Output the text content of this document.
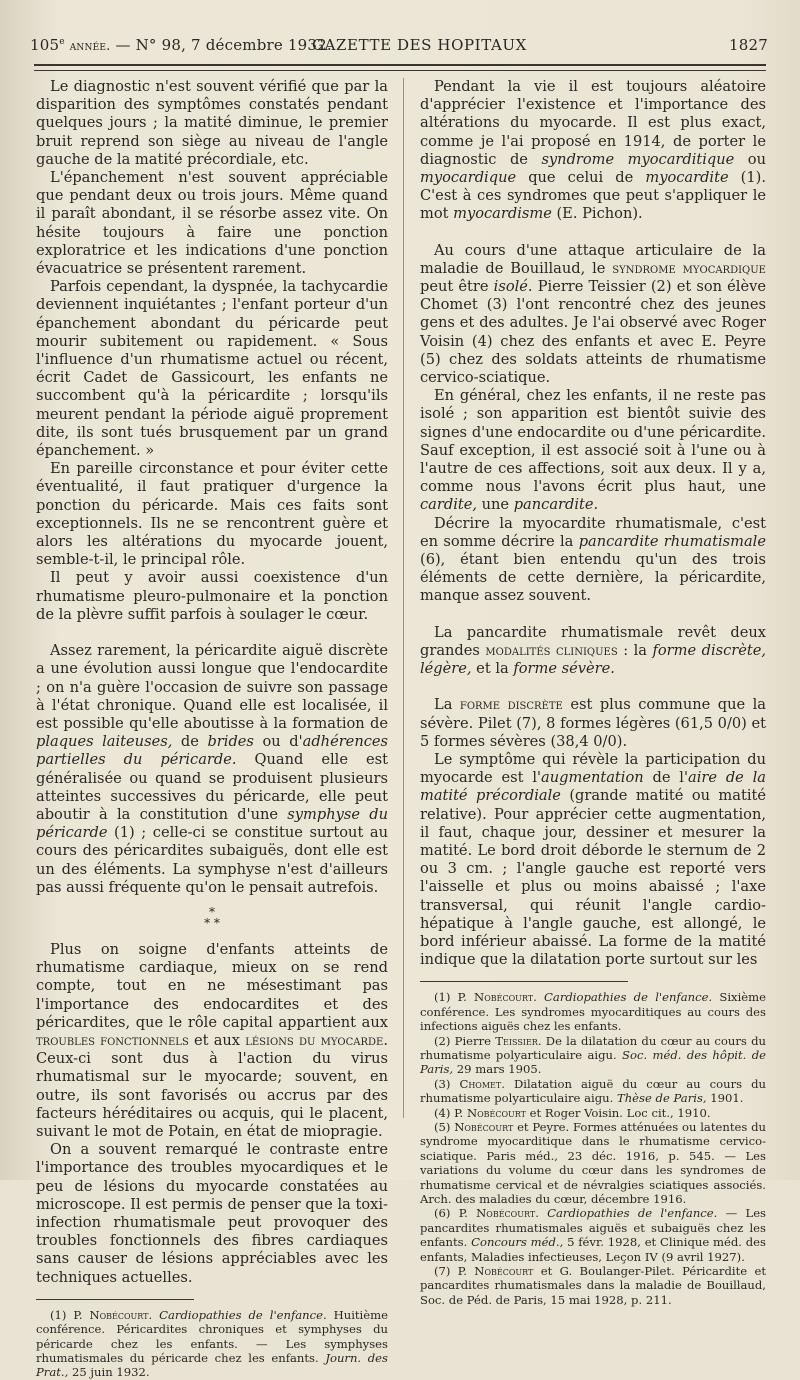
105e année. — N° 98, 7 décembre 1932.
GAZETTE DES HOPITAUX	1827

Le diagnostic n'est souvent vérifié que par la disparition des symptômes constatés pendant quelques jours ; la matité diminue, le premier bruit reprend son siège au niveau de l'angle gauche de la matité précordiale, etc.

L'épanchement n'est souvent appréciable que pendant deux ou trois jours. Même quand il paraît abondant, il se résorbe assez vite. On hésite toujours à faire une ponction exploratrice et les indications d'une ponction évacuatrice se présentent rarement.

Parfois cependant, la dyspnée, la tachycardie deviennent inquiétantes ; l'enfant porteur d'un épanchement abondant du péricarde peut mourir subitement ou rapidement. « Sous l'influence d'un rhumatisme actuel ou récent, écrit Cadet de Gassicourt, les enfants ne succombent qu'à la péricardite ; lorsqu'ils meurent pendant la période aiguë proprement dite, ils sont tués brusquement par un grand épanchement. »

En pareille circonstance et pour éviter cette éventualité, il faut pratiquer d'urgence la ponction du péricarde. Mais ces faits sont exceptionnels. Ils ne se rencontrent guère et alors les altérations du myocarde jouent, semble-t-il, le principal rôle.

Il peut y avoir aussi coexistence d'un rhumatisme pleuro-pulmonaire et la ponction de la plèvre suffit parfois à soulager le cœur.

Assez rarement, la péricardite aiguë discrète a une évolution aussi longue que l'endocardite ; on n'a guère l'occasion de suivre son passage à l'état chronique. Quand elle est localisée, il est possible qu'elle aboutisse à la formation de plaques laiteuses, de brides ou d'adhérences partielles du péricarde. Quand elle est généralisée ou quand se produisent plusieurs atteintes successives du péricarde, elle peut aboutir à la constitution d'une symphyse du péricarde (1) ; celle-ci se constitue surtout au cours des péricardites subaiguës, dont elle est un des éléments. La symphyse n'est d'ailleurs pas aussi fréquente qu'on le pensait autrefois.

*
* *

Plus on soigne d'enfants atteints de rhumatisme cardiaque, mieux on se rend compte, tout en ne mésestimant pas l'importance des endocardites et des péricardites, que le rôle capital appartient aux troubles fonctionnels et aux lésions du myocarde. Ceux-ci sont dus à l'action du virus rhumatismal sur le myocarde; souvent, en outre, ils sont favorisés ou accrus par des facteurs héréditaires ou acquis, qui le placent, suivant le mot de Potain, en état de miopragie.

On a souvent remarqué le contraste entre l'importance des troubles myocardiques et le peu de lésions du myocarde constatées au microscope. Il est permis de penser que la toxi-infection rhumatismale peut provoquer des troubles fonctionnels des fibres cardiaques sans causer de lésions appréciables avec les techniques actuelles.

(1) P. Nobécourt. Cardiopathies de l'enfance. Huitième conférence. Péricardites chroniques et symphyses du péricarde chez les enfants. — Les symphyses rhumatismales du péricarde chez les enfants. Journ. des Prat., 25 juin 1932.

Pendant la vie il est toujours aléatoire d'apprécier l'existence et l'importance des altérations du myocarde. Il est plus exact, comme je l'ai proposé en 1914, de porter le diagnostic de syndrome myocarditique ou myocardique que celui de myocardite (1). C'est à ces syndromes que peut s'appliquer le mot myocardisme (E. Pichon).

Au cours d'une attaque articulaire de la maladie de Bouillaud, le syndrome myocardique peut être isolé. Pierre Teissier (2) et son élève Chomet (3) l'ont rencontré chez des jeunes gens et des adultes. Je l'ai observé avec Roger Voisin (4) chez des enfants et avec E. Peyre (5) chez des soldats atteints de rhumatisme cervico-sciatique.

En général, chez les enfants, il ne reste pas isolé ; son apparition est bientôt suivie des signes d'une endocardite ou d'une péricardite. Sauf exception, il est associé soit à l'une ou à l'autre de ces affections, soit aux deux. Il y a, comme nous l'avons écrit plus haut, une cardite, une pancardite.

Décrire la myocardite rhumatismale, c'est en somme décrire la pancardite rhumatismale (6), étant bien entendu qu'un des trois éléments de cette dernière, la péricardite, manque assez souvent.

La pancardite rhumatismale revêt deux grandes modalités cliniques : la forme discrète, légère, et la forme sévère.

La forme discrète est plus commune que la sévère. Pilet (7), 8 formes légères (61,5 0/0) et 5 formes sévères (38,4 0/0).

Le symptôme qui révèle la participation du myocarde est l'augmentation de l'aire de la matité précordiale (grande matité ou matité relative). Pour apprécier cette augmentation, il faut, chaque jour, dessiner et mesurer la matité. Le bord droit déborde le sternum de 2 ou 3 cm. ; l'angle gauche est reporté vers l'aisselle et plus ou moins abaissé ; l'axe transversal, qui réunit l'angle cardio-hépatique à l'angle gauche, est allongé, le bord inférieur abaissé. La forme de la matité indique que la dilatation porte surtout sur les

(1) P. Nobécourt. Cardiopathies de l'enfance. Sixième conférence. Les syndromes myocarditiques au cours des infections aiguës chez les enfants.

(2) Pierre Teissier. De la dilatation du cœur au cours du rhumatisme polyarticulaire aigu. Soc. méd. des hôpit. de Paris, 29 mars 1905.

(3) Chomet. Dilatation aiguë du cœur au cours du rhumatisme polyarticulaire aigu. Thèse de Paris, 1901.

(4) P. Nobécourt et Roger Voisin. Loc cit., 1910.

(5) Nobécourt et Peyre. Formes atténuées ou latentes du syndrome myocarditique dans le rhumatisme cervico-sciatique. Paris méd., 23 déc. 1916, p. 545. — Les variations du volume du cœur dans les syndromes de rhumatisme cervical et de névralgies sciatiques associés. Arch. des maladies du cœur, décembre 1916.

(6) P. Nobécourt. Cardiopathies de l'enfance. — Les pancardites rhumatismales aiguës et subaiguës chez les enfants. Concours méd., 5 févr. 1928, et Clinique méd. des enfants, Maladies infectieuses, Leçon IV (9 avril 1927).

(7) P. Nobécourt et G. Boulanger-Pilet. Péricardite et pancardites rhumatismales dans la maladie de Bouillaud, Soc. de Péd. de Paris, 15 mai 1928, p. 211.
